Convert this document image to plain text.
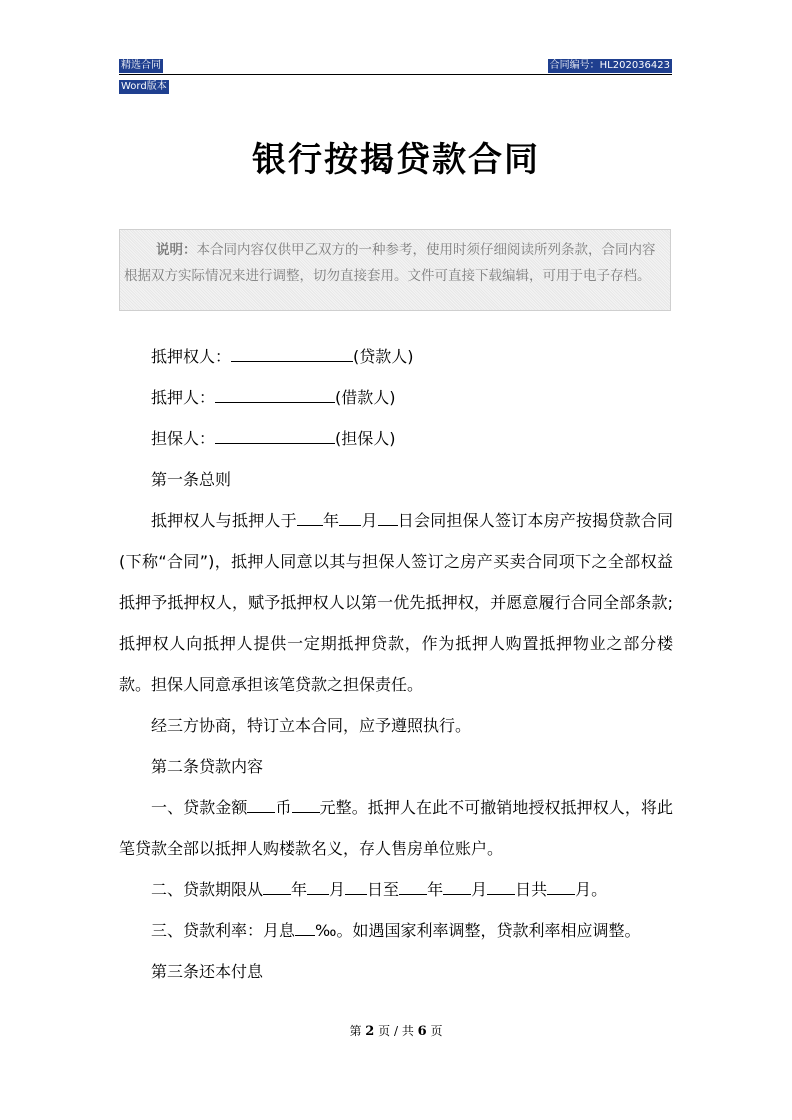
精选合同
Word版本
合同编号：HL202036423
银行按揭贷款合同
说明：本合同内容仅供甲乙双方的一种参考，使用时须仔细阅读所列条款，合同内容根据双方实际情况来进行调整，切勿直接套用。文件可直接下载编辑，可用于电子存档。

抵押权人：	(贷款人)

抵押人：	(借款人)

担保人：	(担保人)

第一条总则

抵押权人与抵押人于 年 月 日会同担保人签订本房产按揭贷款合同(下称“合同”)，抵押人同意以其与担保人签订之房产买卖合同项下之全部权益抵押予抵押权人，赋予抵押权人以第一优先抵押权，并愿意履行合同全部条款;抵押权人向抵押人提供一定期抵押贷款，作为抵押人购置抵押物业之部分楼款。担保人同意承担该笔贷款之担保责任。

经三方协商，特订立本合同，应予遵照执行。

第二条贷款内容

一、贷款金额 币 元整。抵押人在此不可撤销地授权抵押权人，将此笔贷款全部以抵押人购楼款名义，存人售房单位账户。

二、贷款期限从 年 月 日至 年 月 日共 月。

三、贷款利率：月息 ‰。如遇国家利率调整，贷款利率相应调整。

第三条还本付息

第 2 页 / 共 6 页
